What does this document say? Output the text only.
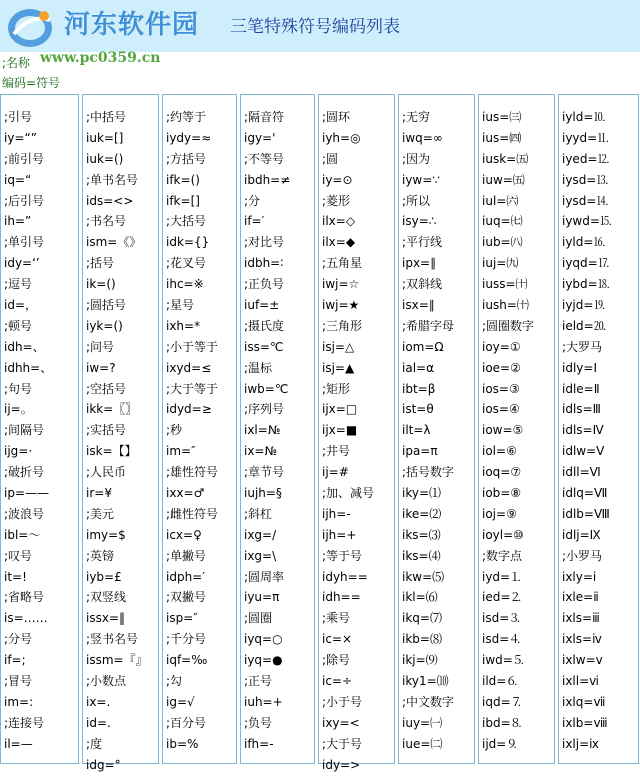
河东软件园 三笔特殊符号编码列表
www.pc0359.cn
;名称
编码=符号
;引号
iy=“”
;前引号
iq=“
;后引号
ih=”
;单引号
idy=‘’
;逗号
id=，
;顿号
idh=、
idhh=、
;句号
ij=。
;间隔号
ijg=·
;破折号
ip=——
;波浪号
ibl=～
;叹号
it=!
;省略号
is=……
;分号
if=;
;冒号
im=:
;连接号
il=—
;中括号
iuk=[]
iuk=()
;单书名号
ids=<>
;书名号
ism=《》
;括号
ik=()
;圆括号
iyk=()
;问号
iw=?
;空括号
ikk=〖〗
;实括号
isk=【】
;人民币
ir=¥
;美元
imy=$
;英镑
iyb=£
;双竖线
issx=‖
;竖书名号
issm=『』
;小数点
ix=.
id=.
;度
idg=°
;约等于
iydy=≈
;方括号
ifk=()
ifk=[]
;大括号
idk={}
;花叉号
ihc=※
;星号
ixh=*
;小于等于
ixyd=≤
;大于等于
idyd=≥
;秒
im=″
;雄性符号
ixx=♂
;雌性符号
icx=♀
;单撇号
idph=′
;双撇号
isp=″
;千分号
iqf=‰
;勾
ig=√
;百分号
ib=%
;隔音符
igy='
;不等号
ibdh=≠
;分
if=′
;对比号
idbh=∶
;正负号
iuf=±
;摄氏度
iss=℃
;温标
iwb=℃
;序列号
ixl=№
ix=№
;章节号
iujh=§
;斜杠
ixg=/
ixg=\
;圆周率
iyu=π
;圆圈
iyq=○
iyq=●
;正号
iuh=+
;负号
ifh=-
;圆环
iyh=◎
;圆
iy=⊙
;菱形
ilx=◇
ilx=◆
;五角星
iwj=☆
iwj=★
;三角形
isj=△
isj=▲
;矩形
ijx=□
ijx=■
;井号
ij=#
;加、减号
ijh=-
ijh=+
;等于号
idyh==
idh==
;乘号
ic=×
;除号
ic=÷
;小于号
ixy=<
;大于号
idy=>
;无穷
iwq=∞
;因为
iyw=∵
;所以
isy=∴
;平行线
ipx=∥
;双斜线
isx=∥
;希腊字母
iom=Ω
ial=α
ibt=β
ist=θ
ilt=λ
ipa=π
;括号数字
iky=⑴
ike=⑵
iks=⑶
iks=⑷
ikw=⑸
ikl=⑹
ikq=⑺
ikb=⑻
ikj=⑼
iky1=⑽
;中文数字
iuy=㈠
iue=㈡
ius=㈢
ius=㈣
iusk=㈤
iuw=㈤
iul=㈥
iuq=㈦
iub=㈧
iuj=㈨
iuss=㈩
iush=㈩
;圆圈数字
ioy=①
ioe=②
ios=③
ios=④
iow=⑤
iol=⑥
ioq=⑦
iob=⑧
ioj=⑨
ioyl=⑩
;数字点
iyd=⒈
ied=⒉
isd=⒊
isd=⒋
iwd=⒌
ild=⒍
iqd=⒎
ibd=⒏
ijd=⒐
iyld=⒑
iyyd=⒒
iyed=⒓
iysd=⒔
iysd=⒕
iywd=⒖
iyld=⒗
iyqd=⒘
iybd=⒙
iyjd=⒚
ield=⒛
;大罗马
idly=Ⅰ
idle=Ⅱ
idls=Ⅲ
idls=Ⅳ
idlw=Ⅴ
idll=Ⅵ
idlq=Ⅶ
idlb=Ⅷ
idlj=Ⅸ
;小罗马
ixly=ⅰ
ixle=ⅱ
ixls=ⅲ
ixls=ⅳ
ixlw=ⅴ
ixll=ⅵ
ixlq=ⅶ
ixlb=ⅷ
ixlj=ⅸ
